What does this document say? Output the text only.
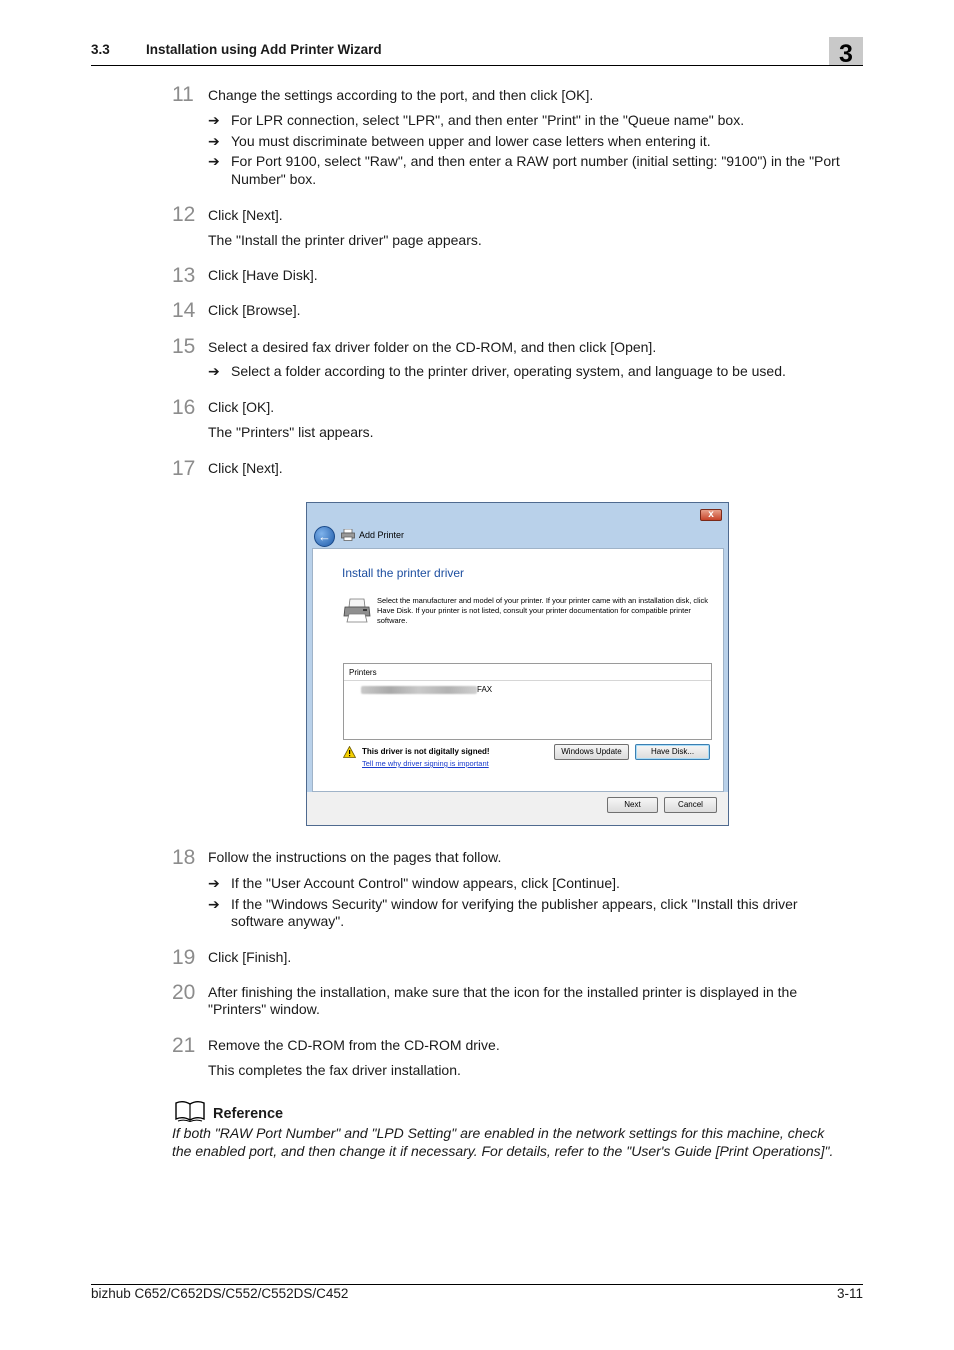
3.3	Installation using Add Printer Wizard	3
11 Change the settings according to the port, and then click [OK].
➔ For LPR connection, select "LPR", and then enter "Print" in the "Queue name" box.
➔ You must discriminate between upper and lower case letters when entering it.
➔ For Port 9100, select "Raw", and then enter a RAW port number (initial setting: "9100") in the "Port
Number" box.
12 Click [Next].
The "Install the printer driver" page appears.
13 Click [Have Disk].
14 Click [Browse].
15 Select a desired fax driver folder on the CD-ROM, and then click [Open].
➔ Select a folder according to the printer driver, operating system, and language to be used.
16 Click [OK].
The "Printers" list appears.
17 Click [Next].
x
←	Add Printer
Install the printer driver
Select the manufacturer and model of your printer. If your printer came with an installation disk, click Have Disk. If your printer is not listed, consult your printer documentation for compatible printer software.
Printers
FAX
This driver is not digitally signed!
Tell me why driver signing is important
Windows Update	Have Disk...
Next	Cancel
18 Follow the instructions on the pages that follow.
➔ If the "User Account Control" window appears, click [Continue].
➔ If the "Windows Security" window for verifying the publisher appears, click "Install this driver
software anyway".
19 Click [Finish].
20 After finishing the installation, make sure that the icon for the installed printer is displayed in the
"Printers" window.
21 Remove the CD-ROM from the CD-ROM drive.
This completes the fax driver installation.
Reference
If both "RAW Port Number" and "LPD Setting" are enabled in the network settings for this machine, check
the enabled port, and then change it if necessary. For details, refer to the "User's Guide [Print Operations]".
bizhub C652/C652DS/C552/C552DS/C452	3-11
